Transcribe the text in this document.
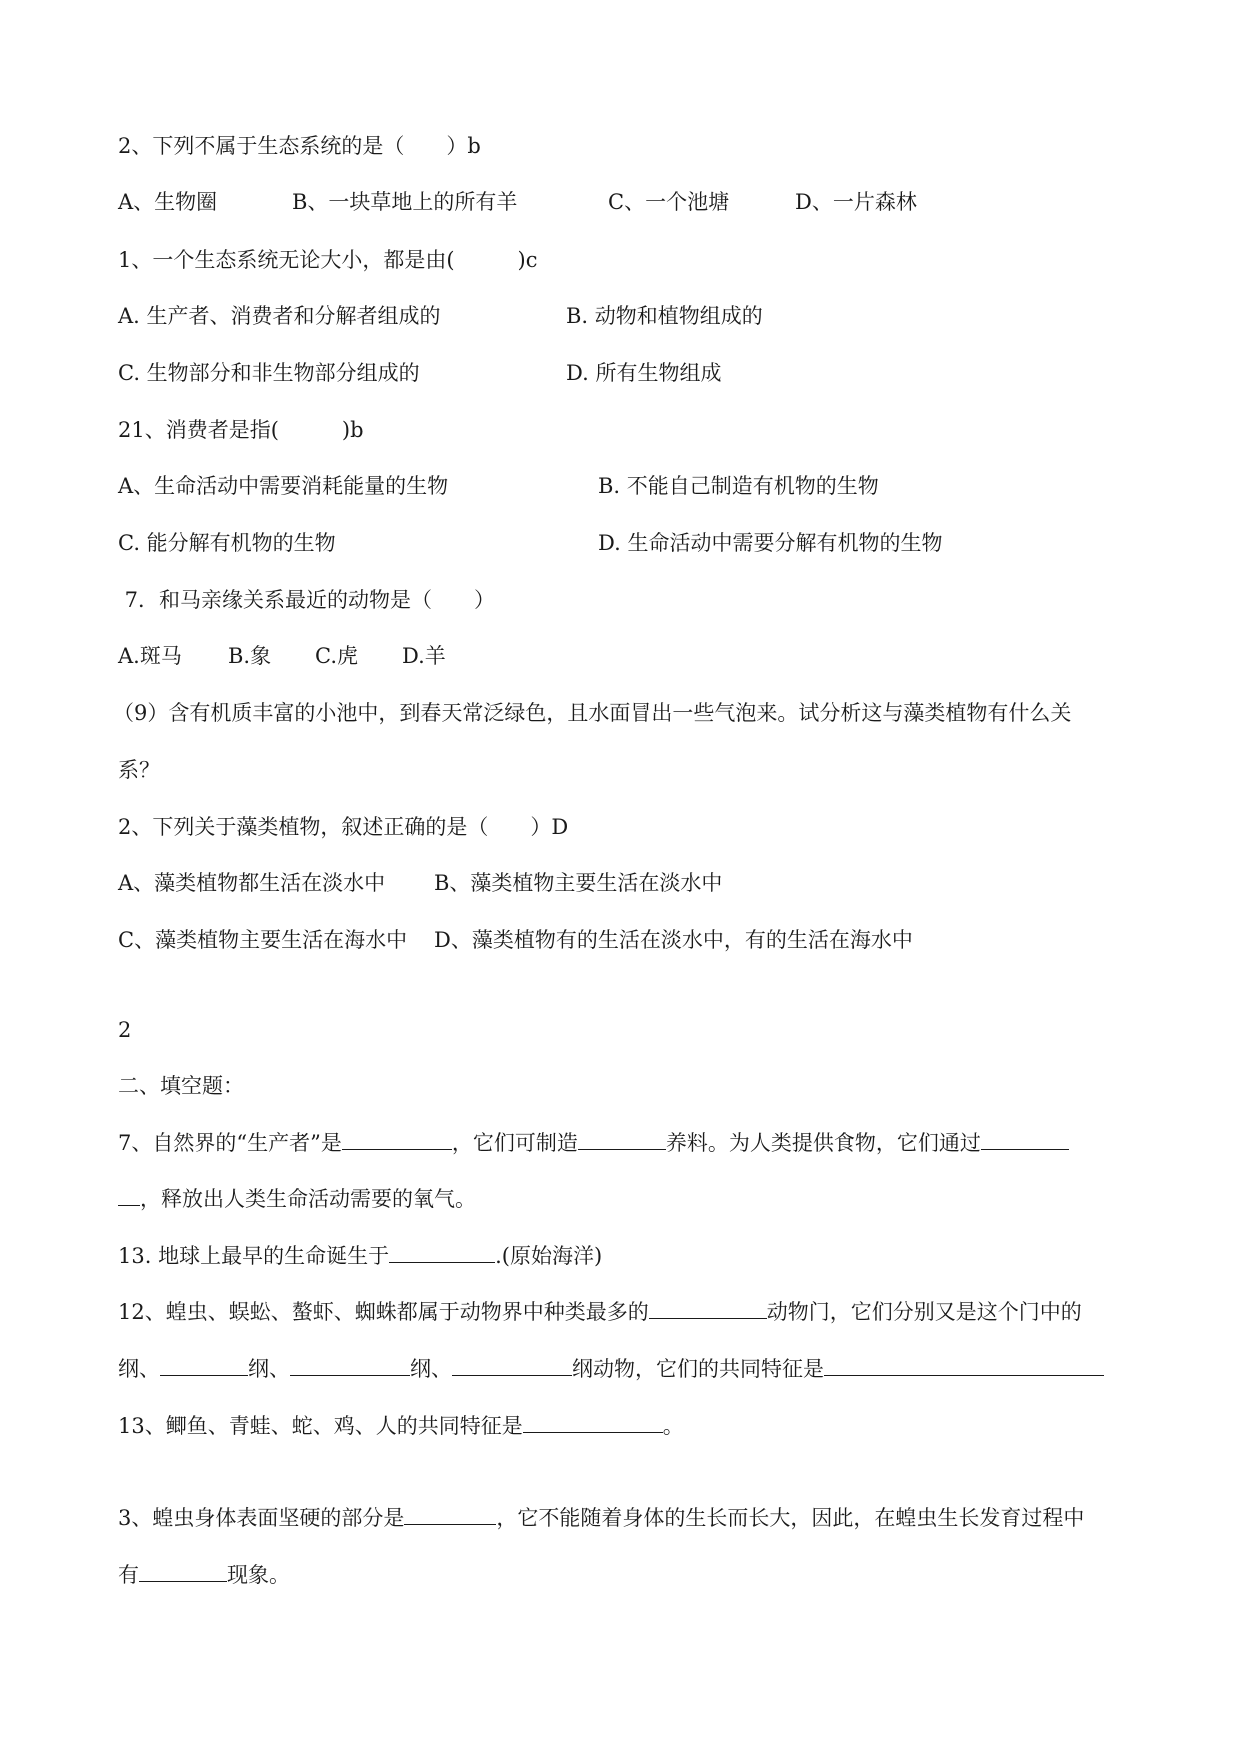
2、下列不属于生态系统的是（　　）b
A、生物圈	B、一块草地上的所有羊	C、一个池塘	D、一片森林
1、一个生态系统无论大小，都是由(　　　)c
A. 生产者、消费者和分解者组成的	B. 动物和植物组成的
C. 生物部分和非生物部分组成的	D. 所有生物组成
21、消费者是指(　　　)b
A、生命活动中需要消耗能量的生物	B. 不能自己制造有机物的生物
C. 能分解有机物的生物	D. 生命活动中需要分解有机物的生物
7．和马亲缘关系最近的动物是（　　）
A.斑马 B.象 C.虎 D.羊
（9）含有机质丰富的小池中，到春天常泛绿色，且水面冒出一些气泡来。试分析这与藻类植物有什么关
系？
2、下列关于藻类植物，叙述正确的是（　　）D
A、藻类植物都生活在淡水中 B、藻类植物主要生活在淡水中
C、藻类植物主要生活在海水中 D、藻类植物有的生活在淡水中，有的生活在海水中
2
二、填空题：
7、自然界的“生产者”是	，它们可制造	养料。为人类提供食物，它们通过
，释放出人类生命活动需要的氧气。
13. 地球上最早的生命诞生于	.(原始海洋)
12、蝗虫、蜈蚣、螯虾、蜘蛛都属于动物界中种类最多的	动物门，它们分别又是这个门中的
纲、	纲、	纲、	纲动物，它们的共同特征是
13、鲫鱼、青蛙、蛇、鸡、人的共同特征是	。
3、蝗虫身体表面坚硬的部分是	，它不能随着身体的生长而长大，因此，在蝗虫生长发育过程中
有	现象。
